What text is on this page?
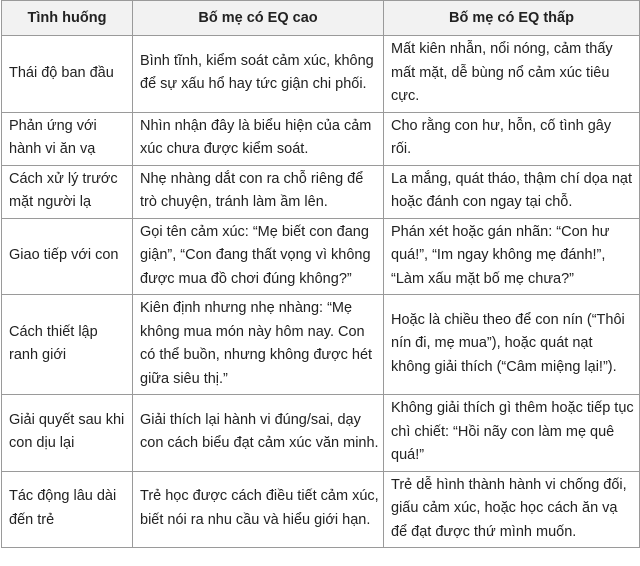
Tình huống	Bố mẹ có EQ cao	Bố mẹ có EQ thấp
Thái độ ban đầu	Bình tĩnh, kiểm soát cảm xúc, không để sự xấu hổ hay tức giận chi phối.	Mất kiên nhẫn, nổi nóng, cảm thấy mất mặt, dễ bùng nổ cảm xúc tiêu cực.
Phản ứng với hành vi ăn vạ	Nhìn nhận đây là biểu hiện của cảm xúc chưa được kiểm soát.	Cho rằng con hư, hỗn, cố tình gây rối.
Cách xử lý trước mặt người lạ	Nhẹ nhàng dắt con ra chỗ riêng để trò chuyện, tránh làm ầm lên.	La mắng, quát tháo, thậm chí dọa nạt hoặc đánh con ngay tại chỗ.
Giao tiếp với con	Gọi tên cảm xúc: “Mẹ biết con đang giận”, “Con đang thất vọng vì không được mua đồ chơi đúng không?”	Phán xét hoặc gán nhãn: “Con hư quá!”, “Im ngay không mẹ đánh!”, “Làm xấu mặt bố mẹ chưa?”
Cách thiết lập ranh giới	Kiên định nhưng nhẹ nhàng: “Mẹ không mua món này hôm nay. Con có thể buồn, nhưng không được hét giữa siêu thị.”	Hoặc là chiều theo để con nín (“Thôi nín đi, mẹ mua”), hoặc quát nạt không giải thích (“Câm miệng lại!”).
Giải quyết sau khi con dịu lại	Giải thích lại hành vi đúng/sai, dạy con cách biểu đạt cảm xúc văn minh.	Không giải thích gì thêm hoặc tiếp tục chì chiết: “Hồi nãy con làm mẹ quê quá!”
Tác động lâu dài đến trẻ	Trẻ học được cách điều tiết cảm xúc, biết nói ra nhu cầu và hiểu giới hạn.	Trẻ dễ hình thành hành vi chống đối, giấu cảm xúc, hoặc học cách ăn vạ để đạt được thứ mình muốn.
